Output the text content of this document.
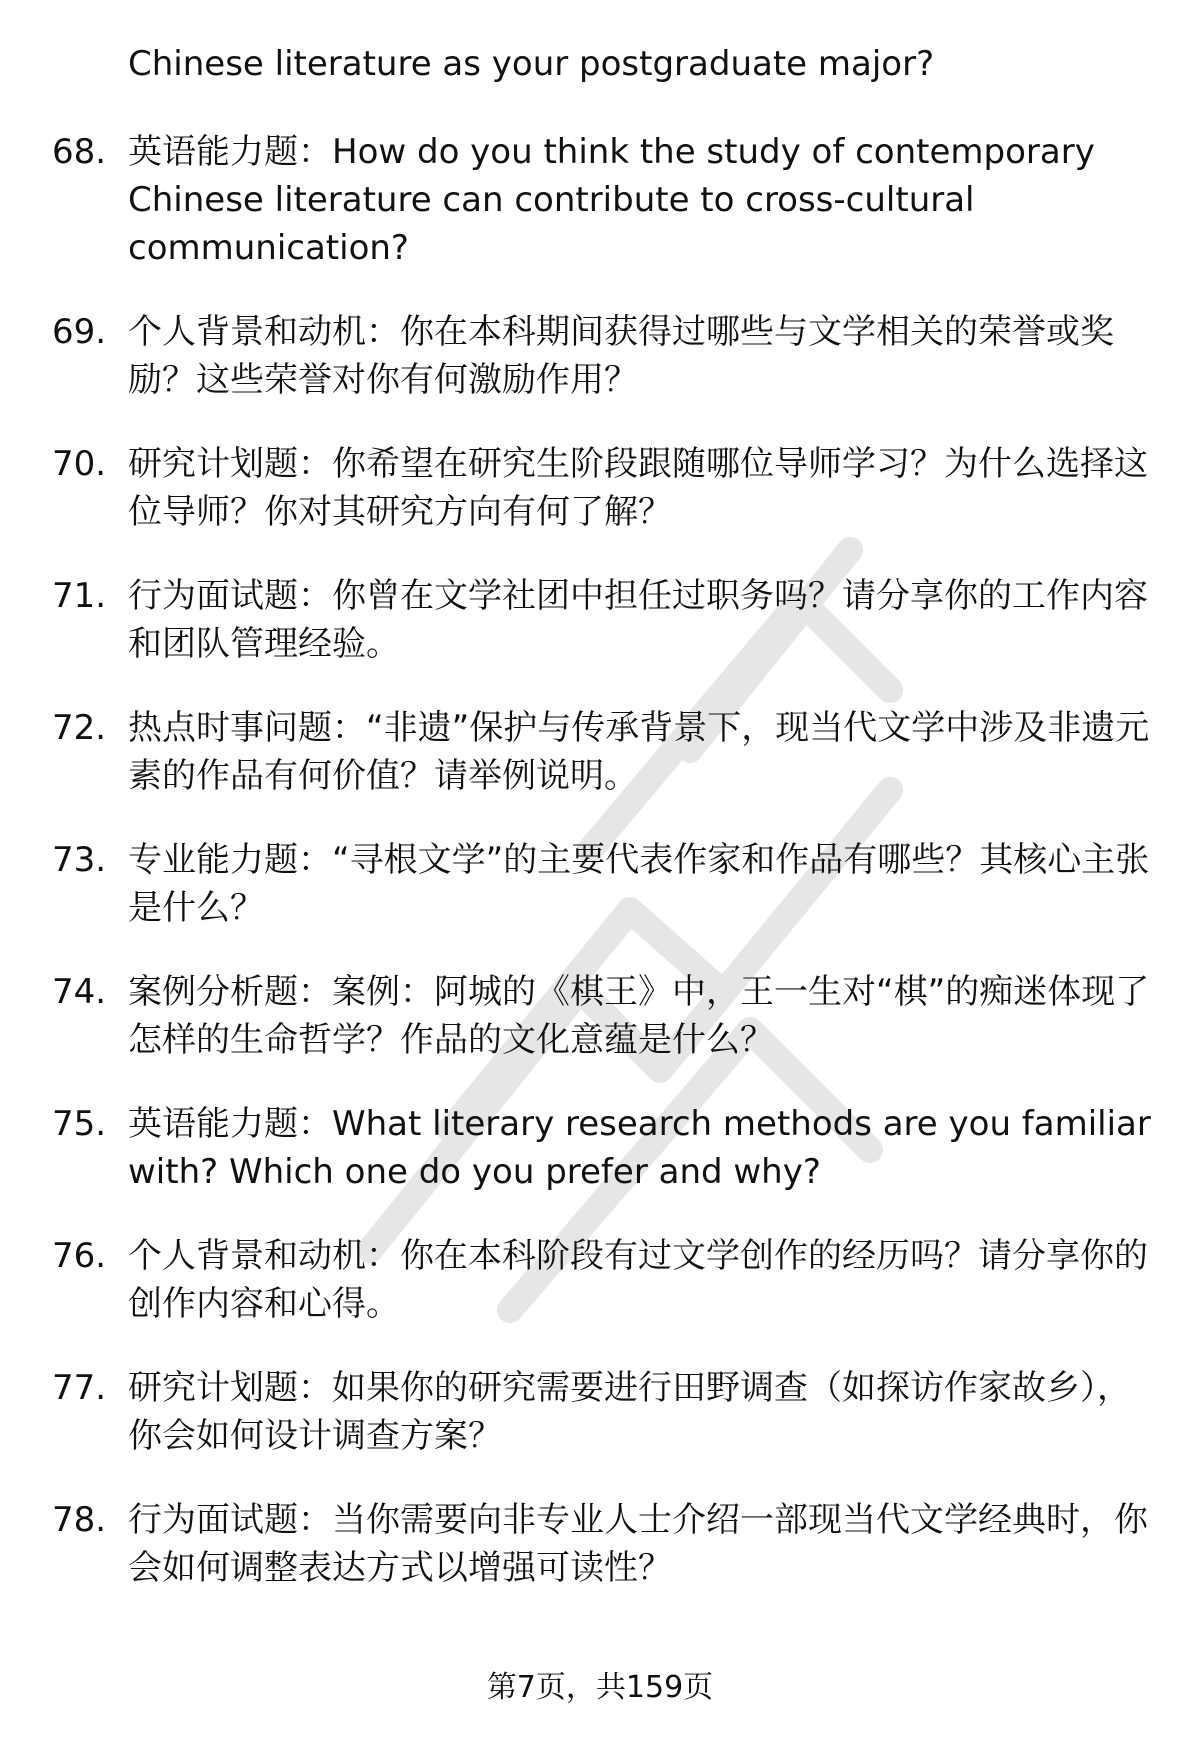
Chinese literature as your postgraduate major?
68. 英语能力题：How do you think the study of contemporary Chinese literature can contribute to cross-cultural communication?
69. 个人背景和动机：你在本科期间获得过哪些与文学相关的荣誉或奖励？这些荣誉对你有何激励作用？
70. 研究计划题：你希望在研究生阶段跟随哪位导师学习？为什么选择这位导师？你对其研究方向有何了解？
71. 行为面试题：你曾在文学社团中担任过职务吗？请分享你的工作内容和团队管理经验。
72. 热点时事问题：“非遗”保护与传承背景下，现当代文学中涉及非遗元素的作品有何价值？请举例说明。
73. 专业能力题：“寻根文学”的主要代表作家和作品有哪些？其核心主张是什么？
74. 案例分析题：案例：阿城的《棋王》中，王一生对“棋”的痴迷体现了怎样的生命哲学？作品的文化意蕴是什么？
75. 英语能力题：What literary research methods are you familiar with? Which one do you prefer and why?
76. 个人背景和动机：你在本科阶段有过文学创作的经历吗？请分享你的创作内容和心得。
77. 研究计划题：如果你的研究需要进行田野调查（如探访作家故乡），你会如何设计调查方案？
78. 行为面试题：当你需要向非专业人士介绍一部现当代文学经典时，你会如何调整表达方式以增强可读性？
第7页，共159页
